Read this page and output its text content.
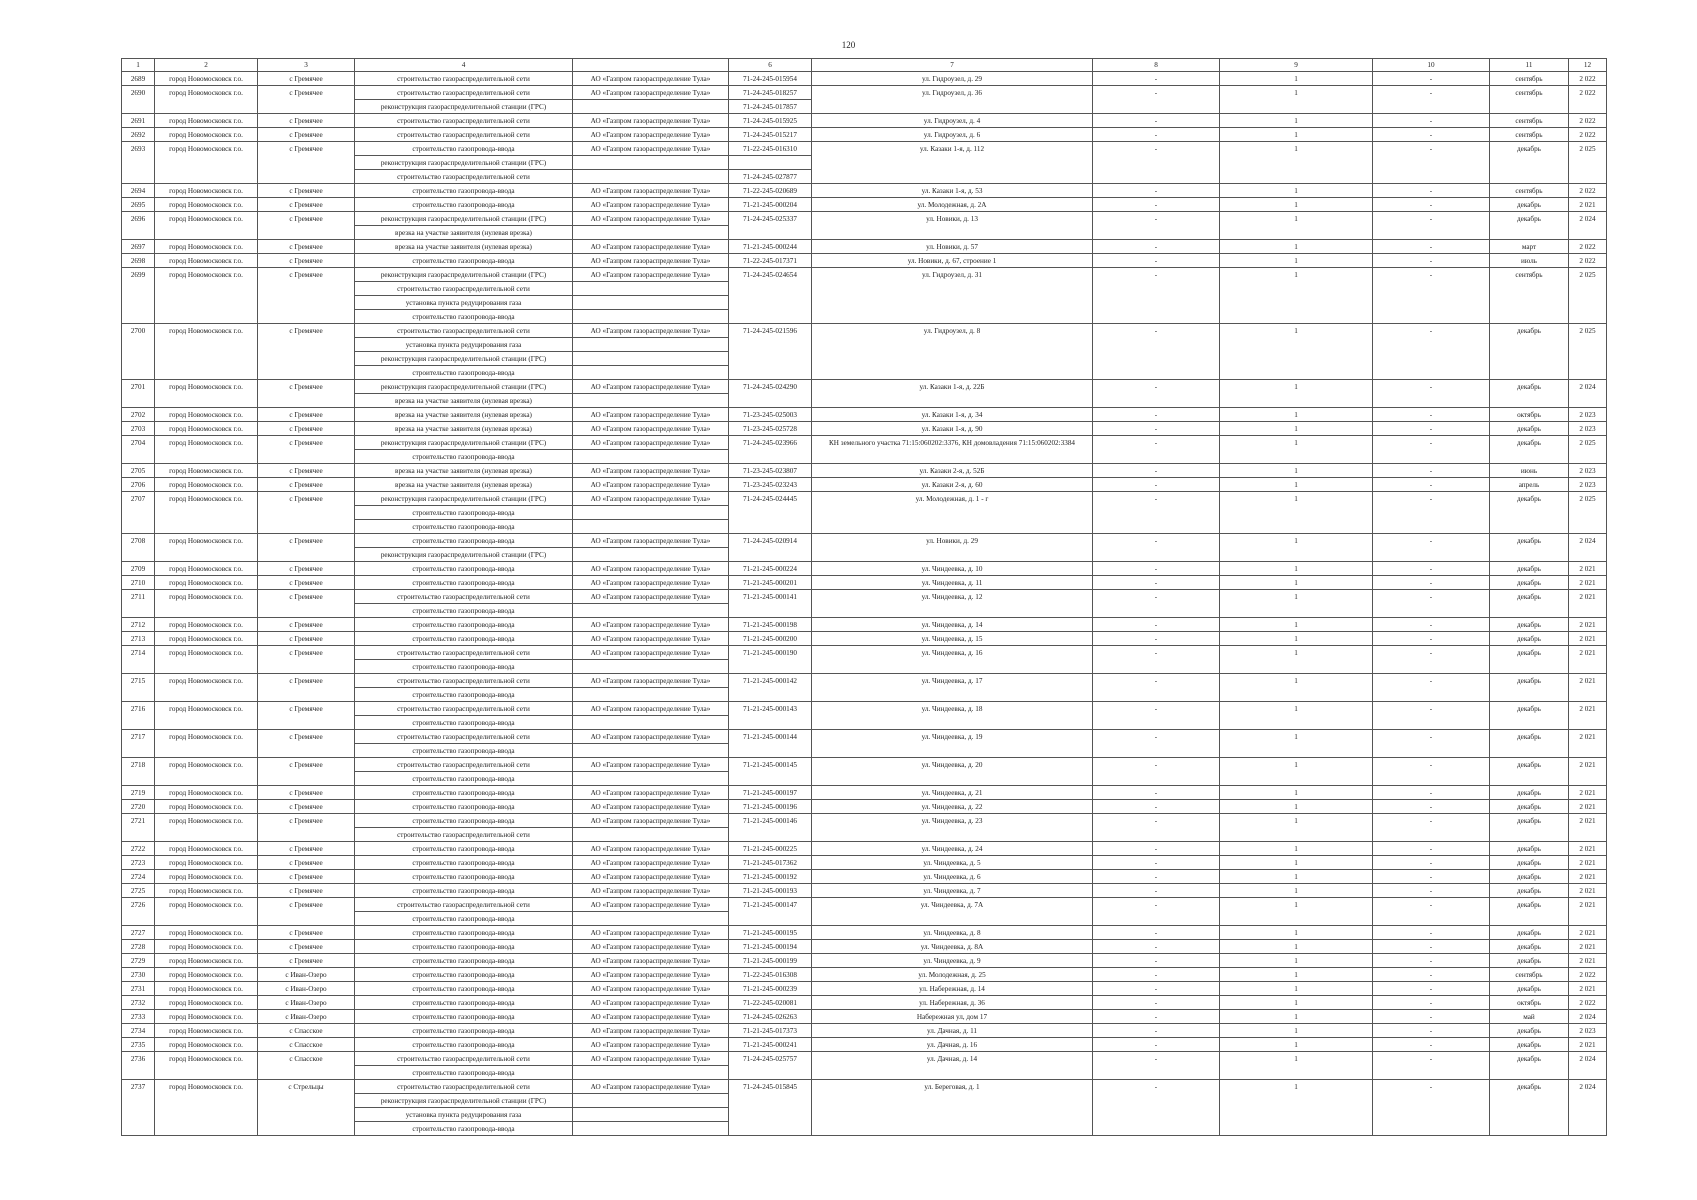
120
1	2	3	4		6	7	8	9	10	11	12
2689	город Новомосковск г.о.	с Гремячее	строительство газораспределительной сети	АО «Газпром газораспределение Тула»	71-24-245-015954	ул. Гидроузел, д. 29	-	1	-	сентябрь	2 022
2690	город Новомосковск г.о.	с Гремячее	строительство газораспределительной сети	АО «Газпром газораспределение Тула»	71-24-245-018257	ул. Гидроузел, д. 36	-	1	-	сентябрь	2 022
			реконструкция газораспределительной станции (ГРС)		71-24-245-017857						
2691	город Новомосковск г.о.	с Гремячее	строительство газораспределительной сети	АО «Газпром газораспределение Тула»	71-24-245-015925	ул. Гидроузел, д. 4	-	1	-	сентябрь	2 022
2692	город Новомосковск г.о.	с Гремячее	строительство газораспределительной сети	АО «Газпром газораспределение Тула»	71-24-245-015217	ул. Гидроузел, д. 6	-	1	-	сентябрь	2 022
2693	город Новомосковск г.о.	с Гремячее	строительство газопровода-ввода	АО «Газпром газораспределение Тула»	71-22-245-016310	ул. Казаки 1-я, д. 112	-	1	-	декабрь	2 025
			реконструкция газораспределительной станции (ГРС)								
			строительство газораспределительной сети		71-24-245-027877						
2694	город Новомосковск г.о.	с Гремячее	строительство газопровода-ввода	АО «Газпром газораспределение Тула»	71-22-245-020689	ул. Казаки 1-я, д. 53	-	1	-	сентябрь	2 022
2695	город Новомосковск г.о.	с Гремячее	строительство газопровода-ввода	АО «Газпром газораспределение Тула»	71-21-245-000204	ул. Молодежная, д. 2А	-	1	-	декабрь	2 021
2696	город Новомосковск г.о.	с Гремячее	реконструкция газораспределительной станции (ГРС)	АО «Газпром газораспределение Тула»	71-24-245-025337	ул. Новики, д. 13	-	1	-	декабрь	2 024
			врезка на участке заявителя (нулевая врезка)								
2697	город Новомосковск г.о.	с Гремячее	врезка на участке заявителя (нулевая врезка)	АО «Газпром газораспределение Тула»	71-21-245-000244	ул. Новики, д. 57	-	1	-	март	2 022
2698	город Новомосковск г.о.	с Гремячее	строительство газопровода-ввода	АО «Газпром газораспределение Тула»	71-22-245-017371	ул. Новики, д. 67, строение 1	-	1	-	июль	2 022
2699	город Новомосковск г.о.	с Гремячее	реконструкция газораспределительной станции (ГРС)	АО «Газпром газораспределение Тула»	71-24-245-024654	ул. Гидроузел, д. 31	-	1	-	сентябрь	2 025
			строительство газораспределительной сети								
			установка пункта редуцирования газа								
			строительство газопровода-ввода								
2700	город Новомосковск г.о.	с Гремячее	строительство газораспределительной сети	АО «Газпром газораспределение Тула»	71-24-245-021596	ул. Гидроузел, д. 8	-	1	-	декабрь	2 025
			установка пункта редуцирования газа								
			реконструкция газораспределительной станции (ГРС)								
			строительство газопровода-ввода								
2701	город Новомосковск г.о.	с Гремячее	реконструкция газораспределительной станции (ГРС)	АО «Газпром газораспределение Тула»	71-24-245-024290	ул. Казаки 1-я, д. 22Б	-	1	-	декабрь	2 024
			врезка на участке заявителя (нулевая врезка)								
2702	город Новомосковск г.о.	с Гремячее	врезка на участке заявителя (нулевая врезка)	АО «Газпром газораспределение Тула»	71-23-245-025003	ул. Казаки 1-я, д. 34	-	1	-	октябрь	2 023
2703	город Новомосковск г.о.	с Гремячее	врезка на участке заявителя (нулевая врезка)	АО «Газпром газораспределение Тула»	71-23-245-025728	ул. Казаки 1-я, д. 90	-	1	-	декабрь	2 023
2704	город Новомосковск г.о.	с Гремячее	реконструкция газораспределительной станции (ГРС)	АО «Газпром газораспределение Тула»	71-24-245-023966	КН земельного участка 71:15:060202:3376, КН домовладения 71:15:060202:3384	-	1	-	декабрь	2 025
			строительство газопровода-ввода								
2705	город Новомосковск г.о.	с Гремячее	врезка на участке заявителя (нулевая врезка)	АО «Газпром газораспределение Тула»	71-23-245-023807	ул. Казаки 2-я, д. 52Б	-	1	-	июнь	2 023
2706	город Новомосковск г.о.	с Гремячее	врезка на участке заявителя (нулевая врезка)	АО «Газпром газораспределение Тула»	71-23-245-023243	ул. Казаки 2-я, д. 60	-	1	-	апрель	2 023
2707	город Новомосковск г.о.	с Гремячее	реконструкция газораспределительной станции (ГРС)	АО «Газпром газораспределение Тула»	71-24-245-024445	ул. Молодежная, д. 1 - г	-	1	-	декабрь	2 025
			строительство газопровода-ввода								
			строительство газопровода-ввода								
2708	город Новомосковск г.о.	с Гремячее	строительство газопровода-ввода	АО «Газпром газораспределение Тула»	71-24-245-020914	ул. Новики, д. 29	-	1	-	декабрь	2 024
			реконструкция газораспределительной станции (ГРС)								
2709	город Новомосковск г.о.	с Гремячее	строительство газопровода-ввода	АО «Газпром газораспределение Тула»	71-21-245-000224	ул. Чиндеевка, д. 10	-	1	-	декабрь	2 021
2710	город Новомосковск г.о.	с Гремячее	строительство газопровода-ввода	АО «Газпром газораспределение Тула»	71-21-245-000201	ул. Чиндеевка, д. 11	-	1	-	декабрь	2 021
2711	город Новомосковск г.о.	с Гремячее	строительство газораспределительной сети	АО «Газпром газораспределение Тула»	71-21-245-000141	ул. Чиндеевка, д. 12	-	1	-	декабрь	2 021
			строительство газопровода-ввода								
2712	город Новомосковск г.о.	с Гремячее	строительство газопровода-ввода	АО «Газпром газораспределение Тула»	71-21-245-000198	ул. Чиндеевка, д. 14	-	1	-	декабрь	2 021
2713	город Новомосковск г.о.	с Гремячее	строительство газопровода-ввода	АО «Газпром газораспределение Тула»	71-21-245-000200	ул. Чиндеевка, д. 15	-	1	-	декабрь	2 021
2714	город Новомосковск г.о.	с Гремячее	строительство газораспределительной сети	АО «Газпром газораспределение Тула»	71-21-245-000190	ул. Чиндеевка, д. 16	-	1	-	декабрь	2 021
			строительство газопровода-ввода								
2715	город Новомосковск г.о.	с Гремячее	строительство газораспределительной сети	АО «Газпром газораспределение Тула»	71-21-245-000142	ул. Чиндеевка, д. 17	-	1	-	декабрь	2 021
			строительство газопровода-ввода								
2716	город Новомосковск г.о.	с Гремячее	строительство газораспределительной сети	АО «Газпром газораспределение Тула»	71-21-245-000143	ул. Чиндеевка, д. 18	-	1	-	декабрь	2 021
			строительство газопровода-ввода								
2717	город Новомосковск г.о.	с Гремячее	строительство газораспределительной сети	АО «Газпром газораспределение Тула»	71-21-245-000144	ул. Чиндеевка, д. 19	-	1	-	декабрь	2 021
			строительство газопровода-ввода								
2718	город Новомосковск г.о.	с Гремячее	строительство газораспределительной сети	АО «Газпром газораспределение Тула»	71-21-245-000145	ул. Чиндеевка, д. 20	-	1	-	декабрь	2 021
			строительство газопровода-ввода								
2719	город Новомосковск г.о.	с Гремячее	строительство газопровода-ввода	АО «Газпром газораспределение Тула»	71-21-245-000197	ул. Чиндеевка, д. 21	-	1	-	декабрь	2 021
2720	город Новомосковск г.о.	с Гремячее	строительство газопровода-ввода	АО «Газпром газораспределение Тула»	71-21-245-000196	ул. Чиндеевка, д. 22	-	1	-	декабрь	2 021
2721	город Новомосковск г.о.	с Гремячее	строительство газопровода-ввода	АО «Газпром газораспределение Тула»	71-21-245-000146	ул. Чиндеевка, д. 23	-	1	-	декабрь	2 021
			строительство газораспределительной сети								
2722	город Новомосковск г.о.	с Гремячее	строительство газопровода-ввода	АО «Газпром газораспределение Тула»	71-21-245-000225	ул. Чиндеевка, д. 24	-	1	-	декабрь	2 021
2723	город Новомосковск г.о.	с Гремячее	строительство газопровода-ввода	АО «Газпром газораспределение Тула»	71-21-245-017362	ул. Чиндеевка, д. 5	-	1	-	декабрь	2 021
2724	город Новомосковск г.о.	с Гремячее	строительство газопровода-ввода	АО «Газпром газораспределение Тула»	71-21-245-000192	ул. Чиндеевка, д. 6	-	1	-	декабрь	2 021
2725	город Новомосковск г.о.	с Гремячее	строительство газопровода-ввода	АО «Газпром газораспределение Тула»	71-21-245-000193	ул. Чиндеевка, д. 7	-	1	-	декабрь	2 021
2726	город Новомосковск г.о.	с Гремячее	строительство газораспределительной сети	АО «Газпром газораспределение Тула»	71-21-245-000147	ул. Чиндеевка, д. 7А	-	1	-	декабрь	2 021
			строительство газопровода-ввода								
2727	город Новомосковск г.о.	с Гремячее	строительство газопровода-ввода	АО «Газпром газораспределение Тула»	71-21-245-000195	ул. Чиндеевка, д. 8	-	1	-	декабрь	2 021
2728	город Новомосковск г.о.	с Гремячее	строительство газопровода-ввода	АО «Газпром газораспределение Тула»	71-21-245-000194	ул. Чиндеевка, д. 8А	-	1	-	декабрь	2 021
2729	город Новомосковск г.о.	с Гремячее	строительство газопровода-ввода	АО «Газпром газораспределение Тула»	71-21-245-000199	ул. Чиндеевка, д. 9	-	1	-	декабрь	2 021
2730	город Новомосковск г.о.	с Иван-Озеро	строительство газопровода-ввода	АО «Газпром газораспределение Тула»	71-22-245-016308	ул. Молодежная, д. 25	-	1	-	сентябрь	2 022
2731	город Новомосковск г.о.	с Иван-Озеро	строительство газопровода-ввода	АО «Газпром газораспределение Тула»	71-21-245-000239	ул. Набережная, д. 14	-	1	-	декабрь	2 021
2732	город Новомосковск г.о.	с Иван-Озеро	строительство газопровода-ввода	АО «Газпром газораспределение Тула»	71-22-245-020081	ул. Набережная, д. 36	-	1	-	октябрь	2 022
2733	город Новомосковск г.о.	с Иван-Озеро	строительство газопровода-ввода	АО «Газпром газораспределение Тула»	71-24-245-026263	Набережная ул, дом 17	-	1	-	май	2 024
2734	город Новомосковск г.о.	с Спасское	строительство газопровода-ввода	АО «Газпром газораспределение Тула»	71-21-245-017373	ул. Дачная, д. 11	-	1	-	декабрь	2 023
2735	город Новомосковск г.о.	с Спасское	строительство газопровода-ввода	АО «Газпром газораспределение Тула»	71-21-245-000241	ул. Дачная, д. 16	-	1	-	декабрь	2 021
2736	город Новомосковск г.о.	с Спасское	строительство газораспределительной сети	АО «Газпром газораспределение Тула»	71-24-245-025757	ул. Дачная, д. 14	-	1	-	декабрь	2 024
			строительство газопровода-ввода								
2737	город Новомосковск г.о.	с Стрельцы	строительство газораспределительной сети	АО «Газпром газораспределение Тула»	71-24-245-015845	ул. Береговая, д. 1	-	1	-	декабрь	2 024
			реконструкция газораспределительной станции (ГРС)								
			установка пункта редуцирования газа								
			строительство газопровода-ввода								
